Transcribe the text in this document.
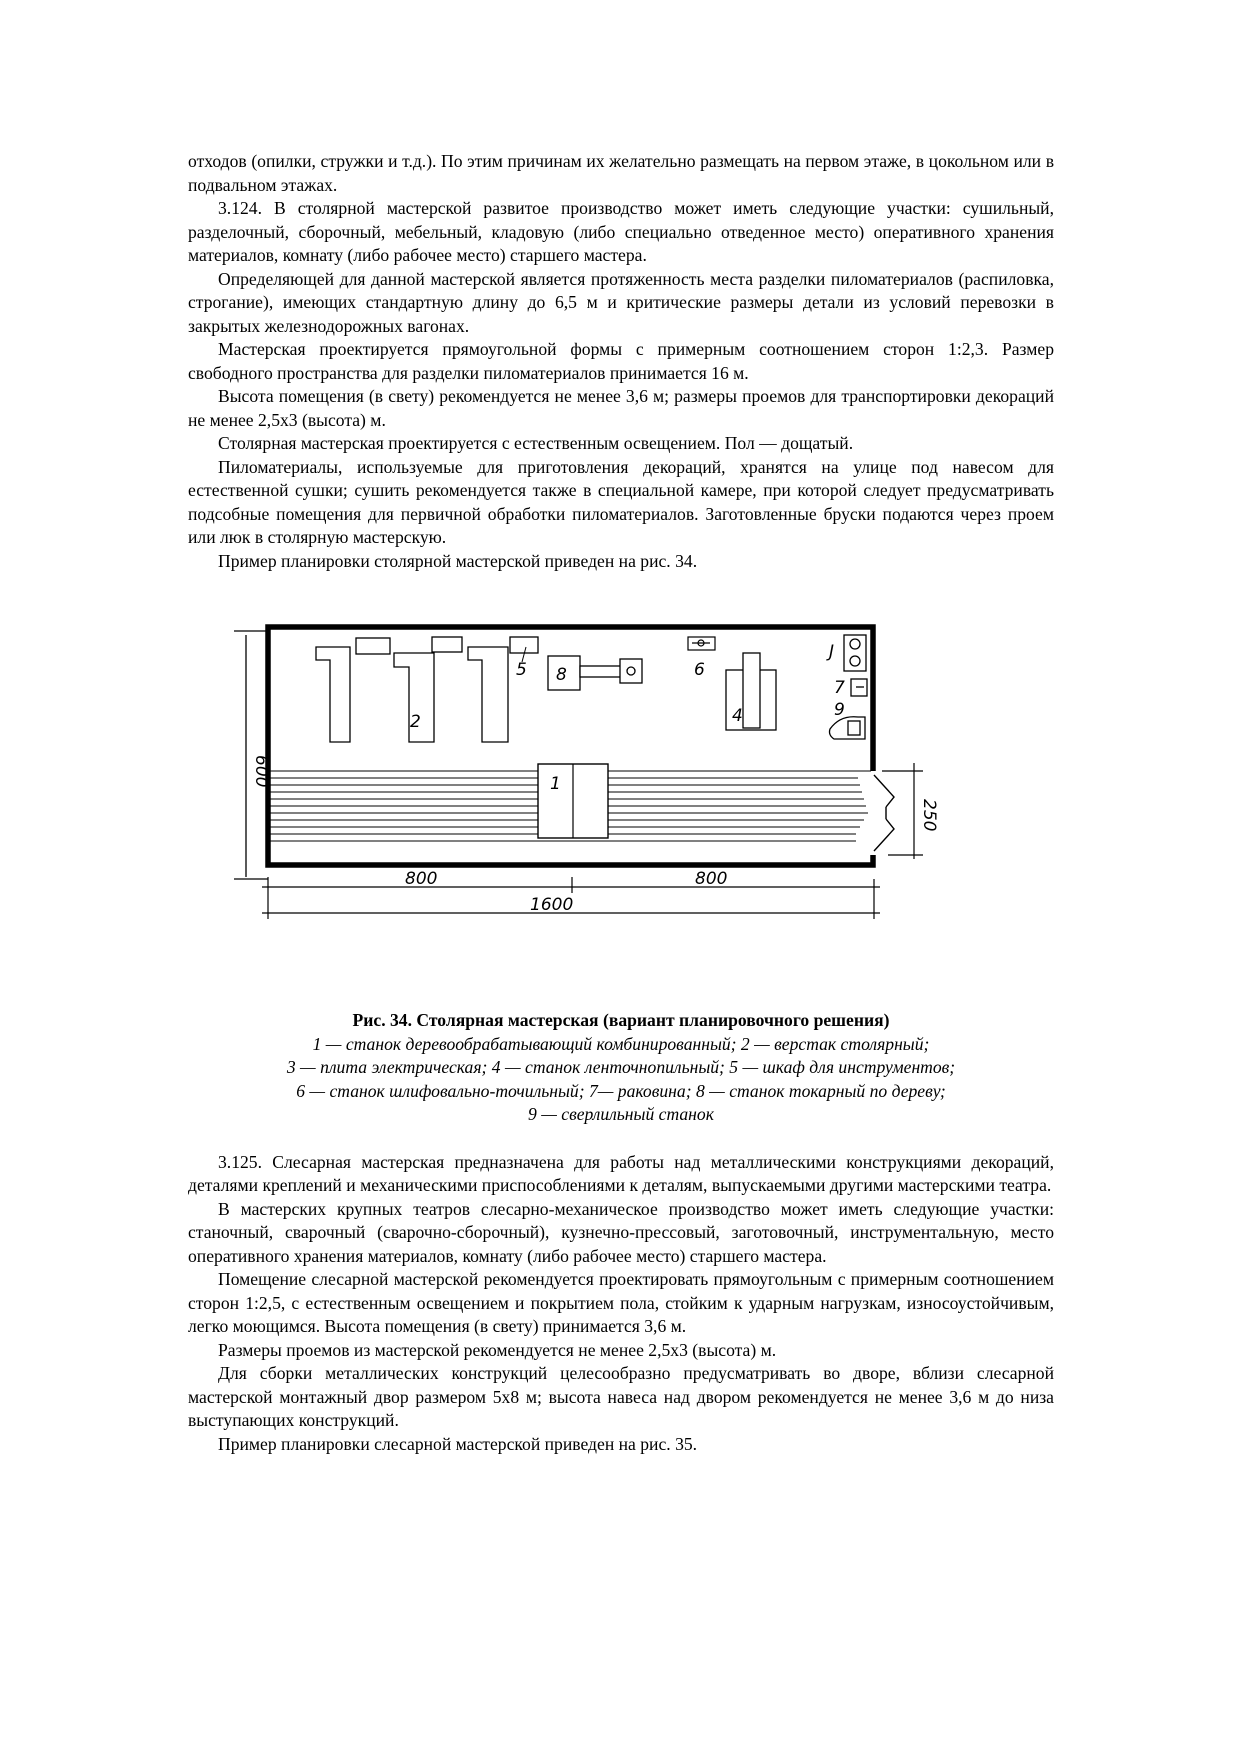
отходов (опилки, стружки и т.д.). По этим причинам их желательно размещать на первом этаже, в цокольном или в подвальном этажах.

3.124. В столярной мастерской развитое производство может иметь следующие участки: сушильный, разделочный, сборочный, мебельный, кладовую (либо специально отведенное место) оперативного хранения материалов, комнату (либо рабочее место) старшего мастера.

Определяющей для данной мастерской является протяженность места разделки пиломатериалов (распиловка, строгание), имеющих стандартную длину до 6,5 м и критические размеры детали из условий перевозки в закрытых железнодорожных вагонах.

Мастерская проектируется прямоугольной формы с примерным соотношением сторон 1:2,3. Размер свободного пространства для разделки пиломатериалов принимается 16 м.

Высота помещения (в свету) рекомендуется не менее 3,6 м; размеры проемов для транспортировки декораций не менее 2,5х3 (высота) м.

Столярная мастерская проектируется с естественным освещением. Пол — дощатый.

Пиломатериалы, используемые для приготовления декораций, хранятся на улице под навесом для естественной сушки; сушить рекомендуется также в специальной камере, при которой следует предусматривать подсобные помещения для первичной обработки пиломатериалов. Заготовленные бруски подаются через проем или люк в столярную мастерскую.

Пример планировки столярной мастерской приведен на рис. 34.

600	1
2
5 8	6
4
J
7
9
250
800	800
1600

Рис. 34. Столярная мастерская (вариант планировочного решения)

1 — станок деревообрабатывающий комбинированный; 2 — верстак столярный;

3 — плита электрическая; 4 — станок ленточнопильный; 5 — шкаф для инструментов;

6 — станок шлифовально-точильный; 7— раковина; 8 — станок токарный по дереву;

9 — сверлильный станок

3.125. Слесарная мастерская предназначена для работы над металлическими конструкциями декораций, деталями креплений и механическими приспособлениями к деталям, выпускаемыми другими мастерскими театра.

В мастерских крупных театров слесарно-механическое производство может иметь следующие участки: станочный, сварочный (сварочно-сборочный), кузнечно-прессовый, заготовочный, инструментальную, место оперативного хранения материалов, комнату (либо рабочее место) старшего мастера.

Помещение слесарной мастерской рекомендуется проектировать прямоугольным с примерным соотношением сторон 1:2,5, с естественным освещением и покрытием пола, стойким к ударным нагрузкам, износоустойчивым, легко моющимся. Высота помещения (в свету) принимается 3,6 м.

Размеры проемов из мастерской рекомендуется не менее 2,5х3 (высота) м.

Для сборки металлических конструкций целесообразно предусматривать во дворе, вблизи слесарной мастерской монтажный двор размером 5х8 м; высота навеса над двором рекомендуется не менее 3,6 м до низа выступающих конструкций.

Пример планировки слесарной мастерской приведен на рис. 35.
